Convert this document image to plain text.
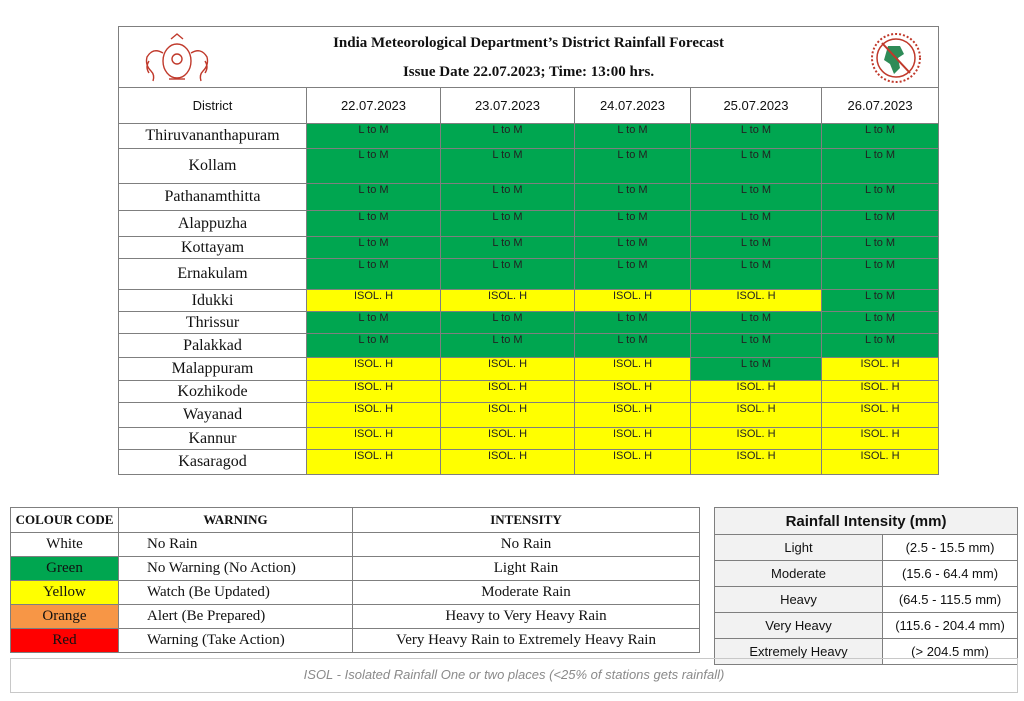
India Meteorological Department’s District Rainfall Forecast
Issue Date 22.07.2023; Time: 13:00 hrs.					

District	22.07.2023	23.07.2023	24.07.2023	25.07.2023	26.07.2023
Thiruvananthapuram	L to M	L to M	L to M	L to M	L to M
Kollam	L to M	L to M	L to M	L to M	L to M
Pathanamthitta	L to M	L to M	L to M	L to M	L to M
Alappuzha	L to M	L to M	L to M	L to M	L to M
Kottayam	L to M	L to M	L to M	L to M	L to M
Ernakulam	L to M	L to M	L to M	L to M	L to M
Idukki	ISOL. H	ISOL. H	ISOL. H	ISOL. H	L to M
Thrissur	L to M	L to M	L to M	L to M	L to M
Palakkad	L to M	L to M	L to M	L to M	L to M
Malappuram	ISOL. H	ISOL. H	ISOL. H	L to M	ISOL. H
Kozhikode	ISOL. H	ISOL. H	ISOL. H	ISOL. H	ISOL. H
Wayanad	ISOL. H	ISOL. H	ISOL. H	ISOL. H	ISOL. H
Kannur	ISOL. H	ISOL. H	ISOL. H	ISOL. H	ISOL. H
Kasaragod	ISOL. H	ISOL. H	ISOL. H	ISOL. H	ISOL. H
COLOUR CODE	WARNING	INTENSITY
White	No Rain	No Rain
Green	No Warning (No Action)	Light Rain
Yellow	Watch (Be Updated)	Moderate Rain
Orange	Alert (Be Prepared)	Heavy to Very Heavy Rain
Red	Warning (Take Action)	Very Heavy Rain to Extremely Heavy Rain
Rainfall Intensity (mm)	
Light	(2.5 - 15.5 mm)
Moderate	(15.6 - 64.4 mm)
Heavy	(64.5 - 115.5 mm)
Very Heavy	(115.6 - 204.4 mm)
Extremely Heavy	(> 204.5 mm)
ISOL - Isolated Rainfall One or two places (<25% of stations gets rainfall)
